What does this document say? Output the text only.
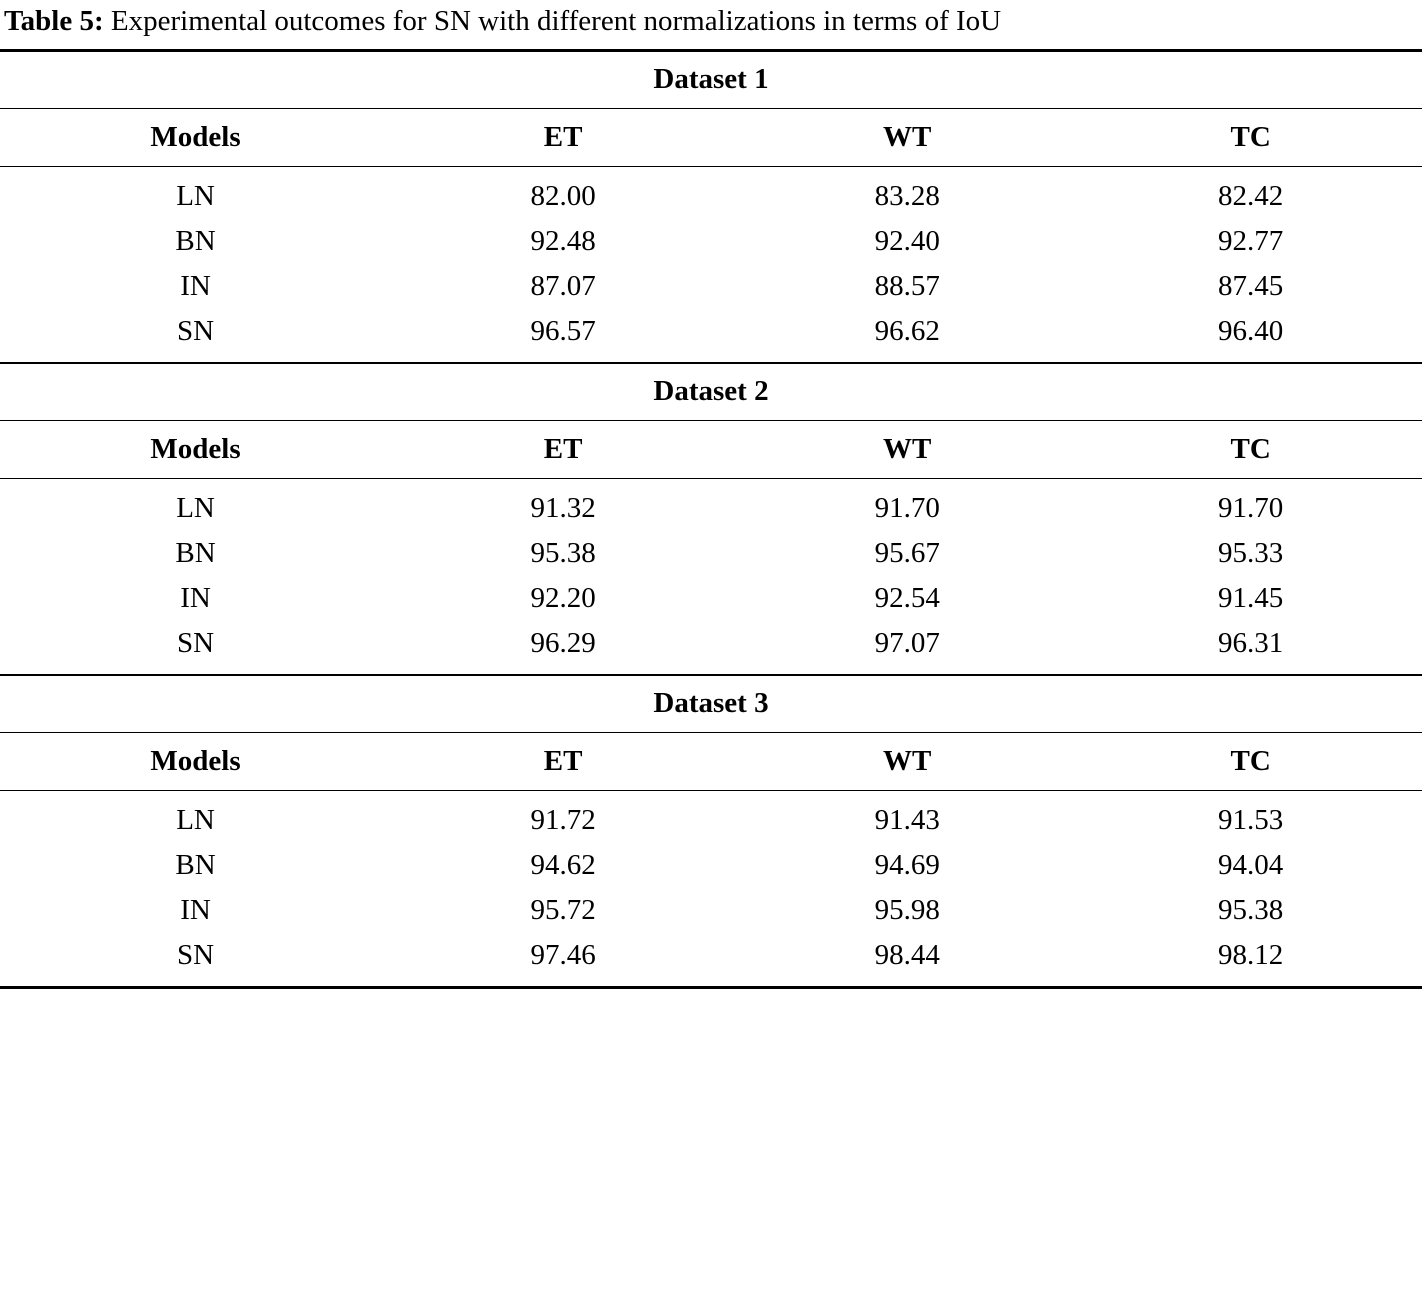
Table 5: Experimental outcomes for SN with different normalizations in terms of IoU

Dataset 1			

Models	ET	WT	TC

LN	82.00	83.28	82.42
BN	92.48	92.40	92.77
IN	87.07	88.57	87.45
SN	96.57	96.62	96.40

Dataset 2			

Models	ET	WT	TC

LN	91.32	91.70	91.70
BN	95.38	95.67	95.33
IN	92.20	92.54	91.45
SN	96.29	97.07	96.31

Dataset 3			

Models	ET	WT	TC

LN	91.72	91.43	91.53
BN	94.62	94.69	94.04
IN	95.72	95.98	95.38
SN	97.46	98.44	98.12
